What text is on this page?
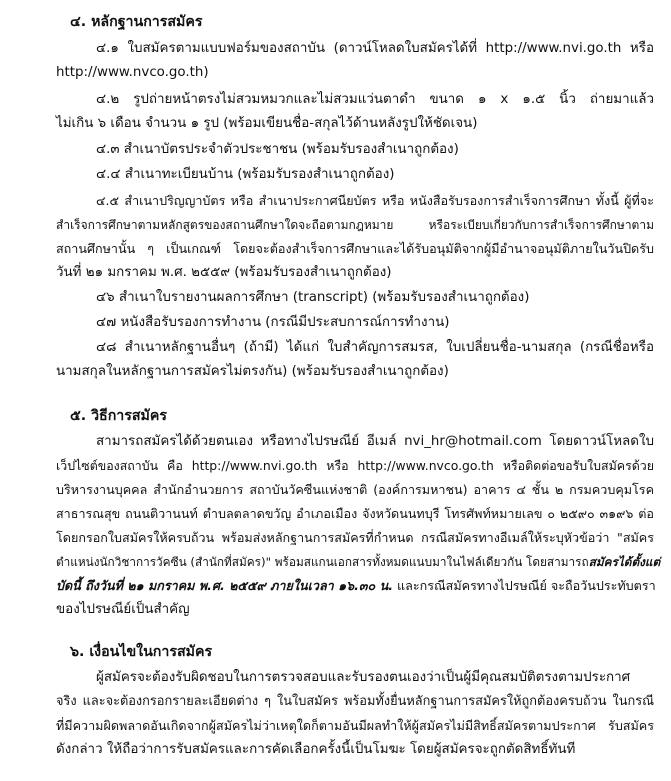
๔. หลักฐานการสมัคร
๔.๑ ใบสมัครตามแบบฟอร์มของสถาบัน (ดาวน์โหลดใบสมัครได้ที่ http://www.nvi.go.th หรือ
http://www.nvco.go.th)
๔.๒ รูปถ่ายหน้าตรงไม่สวมหมวกและไม่สวมแว่นตาดำ ขนาด ๑ x ๑.๕ นิ้ว ถ่ายมาแล้ว
ไม่เกิน ๖ เดือน จำนวน ๑ รูป (พร้อมเขียนชื่อ-สกุลไว้ด้านหลังรูปให้ชัดเจน)
๔.๓ สำเนาบัตรประจำตัวประชาชน (พร้อมรับรองสำเนาถูกต้อง)
๔.๔ สำเนาทะเบียนบ้าน (พร้อมรับรองสำเนาถูกต้อง)
๔.๕ สำเนาปริญญาบัตร หรือ สำเนาประกาศนียบัตร หรือ หนังสือรับรองการสำเร็จการศึกษา ทั้งนี้ ผู้ที่จะ
สำเร็จการศึกษาตามหลักสูตรของสถานศึกษาใดจะถือตามกฎหมาย หรือระเบียบเกี่ยวกับการสำเร็จการศึกษาตาม
สถานศึกษานั้น ๆ เป็นเกณฑ์ โดยจะต้องสำเร็จการศึกษาและได้รับอนุมัติจากผู้มีอำนาจอนุมัติภายในวันปิดรับ
วันที่ ๒๑ มกราคม พ.ศ. ๒๕๕๙ (พร้อมรับรองสำเนาถูกต้อง)
๔๖ สำเนาใบรายงานผลการศึกษา (transcript) (พร้อมรับรองสำเนาถูกต้อง)
๔๗ หนังสือรับรองการทำงาน (กรณีมีประสบการณ์การทำงาน)
๔๘ สำเนาหลักฐานอื่นๆ (ถ้ามี) ได้แก่ ใบสำคัญการสมรส, ใบเปลี่ยนชื่อ-นามสกุล (กรณีชื่อหรือ
นามสกุลในหลักฐานการสมัครไม่ตรงกัน) (พร้อมรับรองสำเนาถูกต้อง)
๕. วิธีการสมัคร
สามารถสมัครได้ด้วยตนเอง หรือทางไปรษณีย์ อีเมล์ nvi_hr@hotmail.com โดยดาวน์โหลดใบ
เว็ปไซต์ของสถาบัน คือ http://www.nvi.go.th หรือ http://www.nvco.go.th หรือติดต่อขอรับใบสมัครด้วย
บริหารงานบุคคล สำนักอำนวยการ สถาบันวัคซีนแห่งชาติ (องค์การมหาชน) อาคาร ๔ ชั้น ๒ กรมควบคุมโรค
สาธารณสุข ถนนติวานนท์ ตำบลตลาดขวัญ อำเภอเมือง จังหวัดนนทบุรี โทรศัพท์หมายเลข ๐ ๒๕๙๐ ๓๑๙๖ ต่อ
โดยกรอกใบสมัครให้ครบถ้วน พร้อมส่งหลักฐานการสมัครที่กำหนด กรณีสมัครทางอีเมล์ให้ระบุหัวข้อว่า "สมัคร
ตำแหน่งนักวิชาการวัคซีน (สำนักที่สมัคร)" พร้อมสแกนเอกสารทั้งหมดแนบมาในไฟล์เดียวกัน โดยสามารถสมัครได้ตั้งแต่
บัดนี้ ถึงวันที่ ๒๑ มกราคม พ.ศ. ๒๕๕๙ ภายในเวลา ๑๖.๓๐ น. และกรณีสมัครทางไปรษณีย์ จะถือวันประทับตรา
ของไปรษณีย์เป็นสำคัญ
๖. เงื่อนไขในการสมัคร
ผู้สมัครจะต้องรับผิดชอบในการตรวจสอบและรับรองตนเองว่าเป็นผู้มีคุณสมบัติตรงตามประกาศ
จริง และจะต้องกรอกรายละเอียดต่าง ๆ ในใบสมัคร พร้อมทั้งยื่นหลักฐานการสมัครให้ถูกต้องครบถ้วน ในกรณี
ที่มีความผิดพลาดอันเกิดจากผู้สมัครไม่ว่าเหตุใดก็ตามอันมีผลทำให้ผู้สมัครไม่มีสิทธิ์สมัครตามประกาศ รับสมัคร
ดังกล่าว ให้ถือว่าการรับสมัครและการคัดเลือกครั้งนี้เป็นโมฆะ โดยผู้สมัครจะถูกตัดสิทธิ์ทันที
